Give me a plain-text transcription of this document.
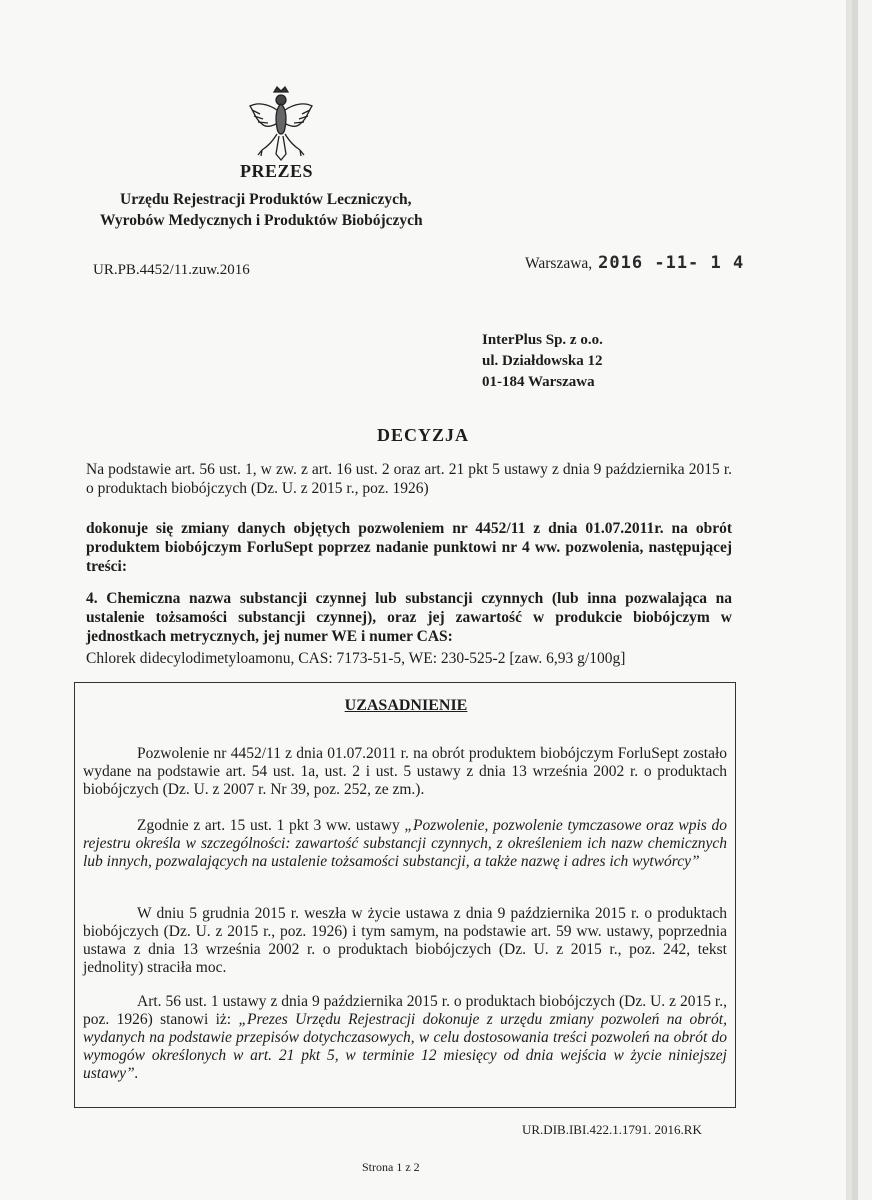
PREZES
Urzędu Rejestracji Produktów Leczniczych,
Wyrobów Medycznych i Produktów Biobójczych
UR.PB.4452/11.zuw.2016	Warszawa, 2016 -11- 1 4
InterPlus Sp. z o.o.
ul. Działdowska 12
01-184 Warszawa
DECYZJA
Na podstawie art. 56 ust. 1, w zw. z art. 16 ust. 2 oraz art. 21 pkt 5 ustawy z dnia 9 października 2015 r. o produktach biobójczych (Dz. U. z 2015 r., poz. 1926)
dokonuje się zmiany danych objętych pozwoleniem nr 4452/11 z dnia 01.07.2011r. na obrót produktem biobójczym ForluSept poprzez nadanie punktowi nr 4 ww. pozwolenia, następującej treści:
4. Chemiczna nazwa substancji czynnej lub substancji czynnych (lub inna pozwalająca na ustalenie tożsamości substancji czynnej), oraz jej zawartość w produkcie biobójczym w jednostkach metrycznych, jej numer WE i numer CAS:
Chlorek didecylodimetyloamonu, CAS: 7173-51-5, WE: 230-525-2 [zaw. 6,93 g/100g]
UZASADNIENIE
Pozwolenie nr 4452/11 z dnia 01.07.2011 r. na obrót produktem biobójczym ForluSept zostało wydane na podstawie art. 54 ust. 1a, ust. 2 i ust. 5 ustawy z dnia 13 września 2002 r. o produktach biobójczych (Dz. U. z 2007 r. Nr 39, poz. 252, ze zm.).
Zgodnie z art. 15 ust. 1 pkt 3 ww. ustawy „Pozwolenie, pozwolenie tymczasowe oraz wpis do rejestru określa w szczególności: zawartość substancji czynnych, z określeniem ich nazw chemicznych lub innych, pozwalających na ustalenie tożsamości substancji, a także nazwę i adres ich wytwórcy”
W dniu 5 grudnia 2015 r. weszła w życie ustawa z dnia 9 października 2015 r. o produktach biobójczych (Dz. U. z 2015 r., poz. 1926) i tym samym, na podstawie art. 59 ww. ustawy, poprzednia ustawa z dnia 13 września 2002 r. o produktach biobójczych (Dz. U. z 2015 r., poz. 242, tekst jednolity) straciła moc.
Art. 56 ust. 1 ustawy z dnia 9 października 2015 r. o produktach biobójczych (Dz. U. z 2015 r., poz. 1926) stanowi iż: „Prezes Urzędu Rejestracji dokonuje z urzędu zmiany pozwoleń na obrót, wydanych na podstawie przepisów dotychczasowych, w celu dostosowania treści pozwoleń na obrót do wymogów określonych w art. 21 pkt 5, w terminie 12 miesięcy od dnia wejścia w życie niniejszej ustawy”.
UR.DIB.IBI.422.1.1791. 2016.RK
Strona 1 z 2
